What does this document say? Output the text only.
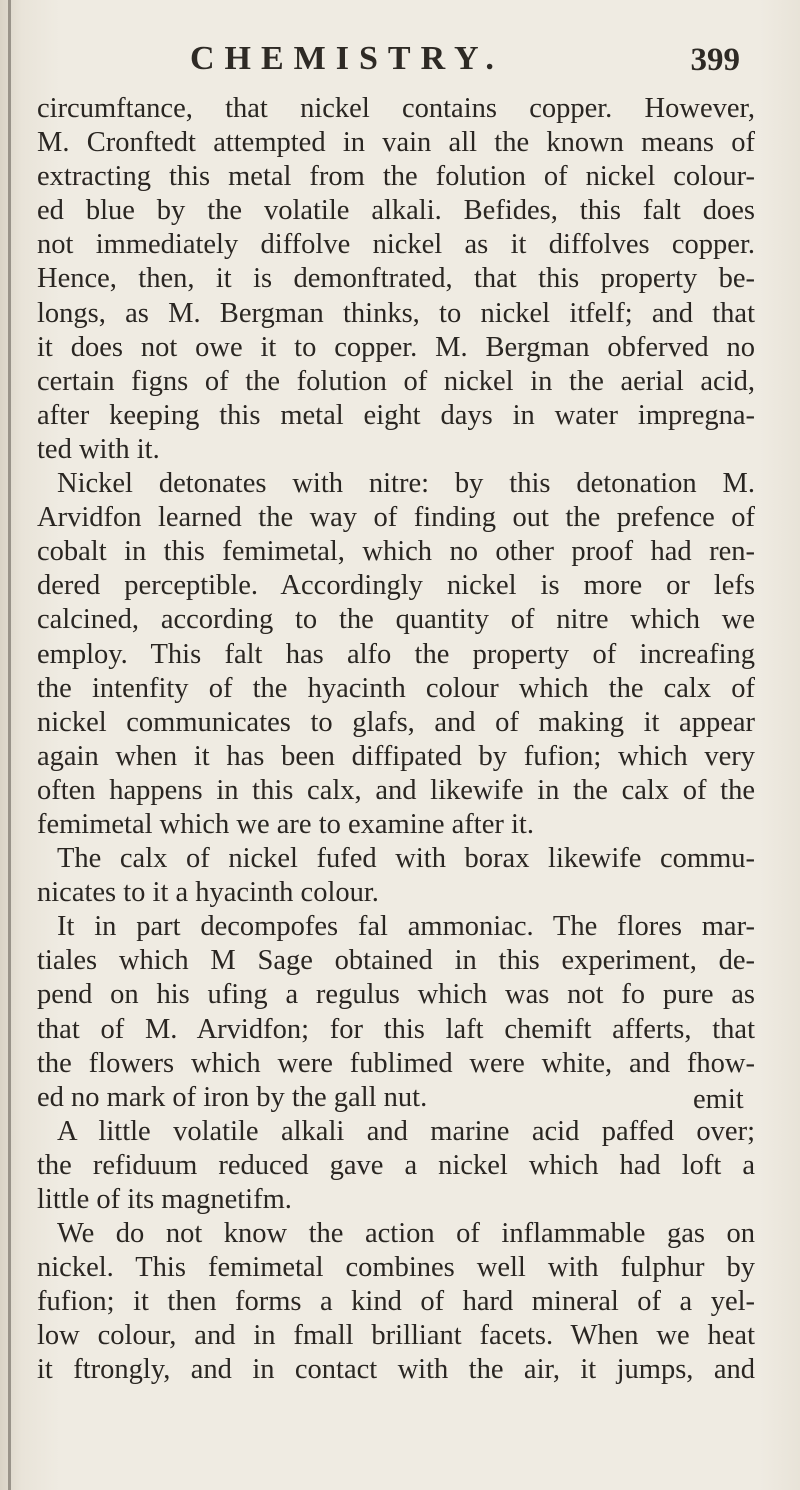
CHEMISTRY.	399
circumftance, that nickel contains copper. However,
M. Cronftedt attempted in vain all the known means of
extracting this metal from the folution of nickel colour-
ed blue by the volatile alkali. Befides, this falt does
not immediately diffolve nickel as it diffolves copper.
Hence, then, it is demonftrated, that this property be-
longs, as M. Bergman thinks, to nickel itfelf; and that
it does not owe it to copper. M. Bergman obferved no
certain figns of the folution of nickel in the aerial acid,
after keeping this metal eight days in water impregna-
ted with it.
Nickel detonates with nitre: by this detonation M.
Arvidfon learned the way of finding out the prefence of
cobalt in this femimetal, which no other proof had ren-
dered perceptible. Accordingly nickel is more or lefs
calcined, according to the quantity of nitre which we
employ. This falt has alfo the property of increafing
the intenfity of the hyacinth colour which the calx of
nickel communicates to glafs, and of making it appear
again when it has been diffipated by fufion; which very
often happens in this calx, and likewife in the calx of the
femimetal which we are to examine after it.
The calx of nickel fufed with borax likewife commu-
nicates to it a hyacinth colour.
It in part decompofes fal ammoniac. The flores mar-
tiales which M Sage obtained in this experiment, de-
pend on his ufing a regulus which was not fo pure as
that of M. Arvidfon; for this laft chemift afferts, that
the flowers which were fublimed were white, and fhow-
ed no mark of iron by the gall nut.
A little volatile alkali and marine acid paffed over;
the refiduum reduced gave a nickel which had loft a
little of its magnetifm.
We do not know the action of inflammable gas on
nickel. This femimetal combines well with fulphur by
fufion; it then forms a kind of hard mineral of a yel-
low colour, and in fmall brilliant facets. When we heat
it ftrongly, and in contact with the air, it jumps, and
emit
